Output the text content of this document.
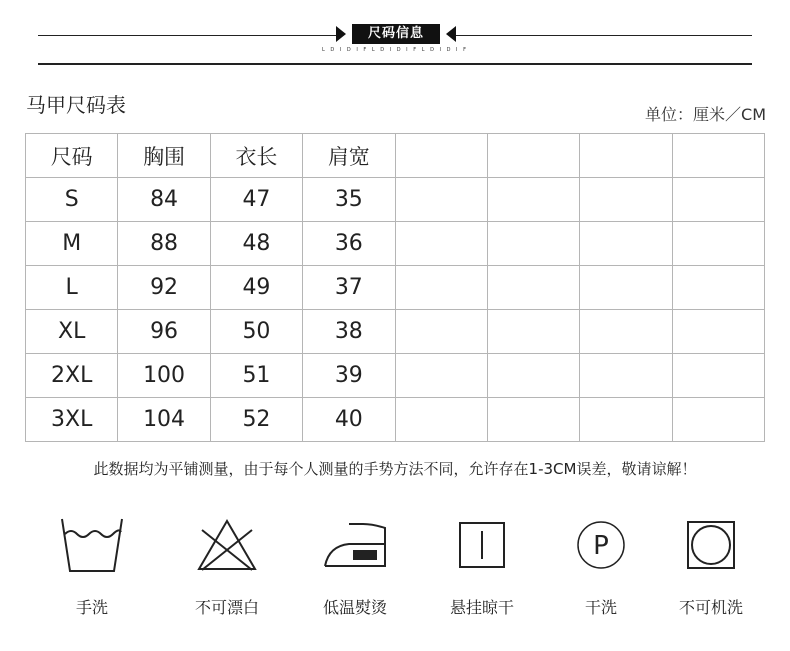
尺码信息
L D I D I F L D I D I F L D I D I F
马甲尺码表	单位：厘米／CM
尺码	胸围	衣长	肩宽				
S	84	47	35				
M	88	48	36				
L	92	49	37				
XL	96	50	38				
2XL	100	51	39				
3XL	104	52	40				
此数据均为平铺测量，由于每个人测量的手势方法不同，允许存在1-3CM误差，敬请谅解！
手洗	不可漂白	低温熨烫	悬挂晾干
P
干洗	不可机洗
